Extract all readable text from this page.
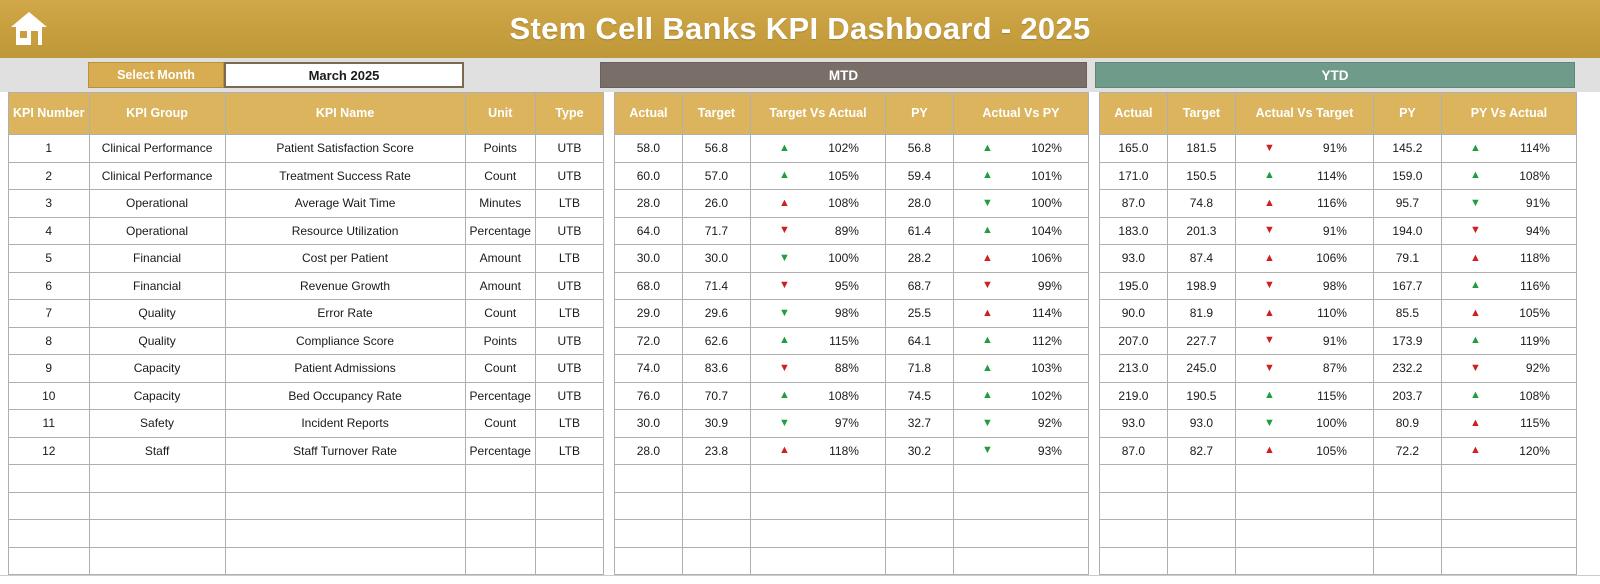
Stem Cell Banks KPI Dashboard - 2025
Select Month	March 2025	MTD	YTD
KPI Number	KPI Group	KPI Name	Unit	Type
1	Clinical Performance	Patient Satisfaction Score	Points	UTB
2	Clinical Performance	Treatment Success Rate	Count	UTB
3	Operational	Average Wait Time	Minutes	LTB
4	Operational	Resource Utilization	Percentage	UTB
5	Financial	Cost per Patient	Amount	LTB
6	Financial	Revenue Growth	Amount	UTB
7	Quality	Error Rate	Count	LTB
8	Quality	Compliance Score	Points	UTB
9	Capacity	Patient Admissions	Count	UTB
10	Capacity	Bed Occupancy Rate	Percentage	UTB
11	Safety	Incident Reports	Count	LTB
12	Staff	Staff Turnover Rate	Percentage	LTB

Actual	Target	Target Vs Actual	PY	Actual Vs PY
58.0	56.8	▲ 102%	56.8	▲ 102%

60.0	57.0	▲ 105%	59.4	▲ 101%

28.0	26.0	▲ 108%	28.0	▼ 100%

64.0	71.7	▼ 89%	61.4	▲ 104%

30.0	30.0	▼ 100%	28.2	▲ 106%

68.0	71.4	▼ 95%	68.7	▼ 99%

29.0	29.6	▼ 98%	25.5	▲ 114%

72.0	62.6	▲ 115%	64.1	▲ 112%

74.0	83.6	▼ 88%	71.8	▲ 103%

76.0	70.7	▲ 108%	74.5	▲ 102%

30.0	30.9	▼ 97%	32.7	▼ 92%

28.0	23.8	▲ 118%	30.2	▼ 93%

Actual	Target	Actual Vs Target	PY	PY Vs Actual
165.0	181.5	▼ 91%	145.2	▲ 114%

171.0	150.5	▲ 114%	159.0	▲ 108%

87.0	74.8	▲ 116%	95.7	▼ 91%

183.0	201.3	▼ 91%	194.0	▼ 94%

93.0	87.4	▲ 106%	79.1	▲ 118%

195.0	198.9	▼ 98%	167.7	▲ 116%

90.0	81.9	▲ 110%	85.5	▲ 105%

207.0	227.7	▼ 91%	173.9	▲ 119%

213.0	245.0	▼ 87%	232.2	▼ 92%

219.0	190.5	▲ 115%	203.7	▲ 108%

93.0	93.0	▼ 100%	80.9	▲ 115%

87.0	82.7	▲ 105%	72.2	▲ 120%
